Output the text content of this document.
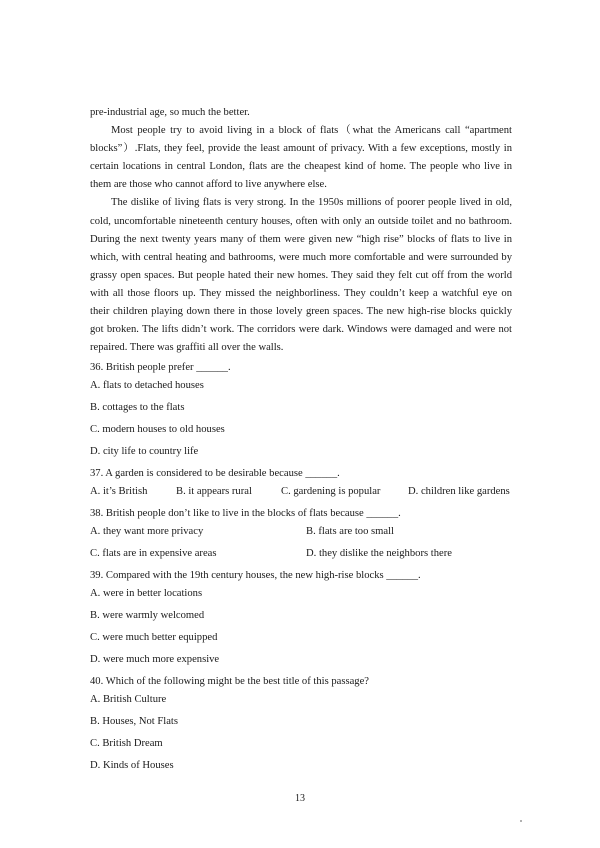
pre-industrial age, so much the better.

Most people try to avoid living in a block of flats（what the Americans call “apartment blocks”）.Flats, they feel, provide the least amount of privacy. With a few exceptions, mostly in certain locations in central London, flats are the cheapest kind of home. The people who live in them are those who cannot afford to live anywhere else.

The dislike of living flats is very strong. In the 1950s millions of poorer people lived in old, cold, uncomfortable nineteenth century houses, often with only an outside toilet and no bathroom. During the next twenty years many of them were given new “high rise” blocks of flats to live in which, with central heating and bathrooms, were much more comfortable and were surrounded by grassy open spaces. But people hated their new homes. They said they felt cut off from the world with all those floors up. They missed the neighborliness. They couldn’t keep a watchful eye on their children playing down there in those lovely green spaces. The new high-rise blocks quickly got broken. The lifts didn’t work. The corridors were dark. Windows were damaged and were not repaired. There was graffiti all over the walls.

36. British people prefer ______.
A. flats to detached houses
B. cottages to the flats
C. modern houses to old houses
D. city life to country life
37. A garden is considered to be desirable because ______.
A. it’s British	B. it appears rural	C. gardening is popular	D. children like gardens
38. British people don’t like to live in the blocks of flats because ______.
A. they want more privacy	B. flats are too small
C. flats are in expensive areas	D. they dislike the neighbors there
39. Compared with the 19th century houses, the new high-rise blocks ______.
A. were in better locations
B. were warmly welcomed
C. were much better equipped
D. were much more expensive
40. Which of the following might be the best title of this passage?
A. British Culture
B. Houses, Not Flats
C. British Dream
D. Kinds of Houses
13
